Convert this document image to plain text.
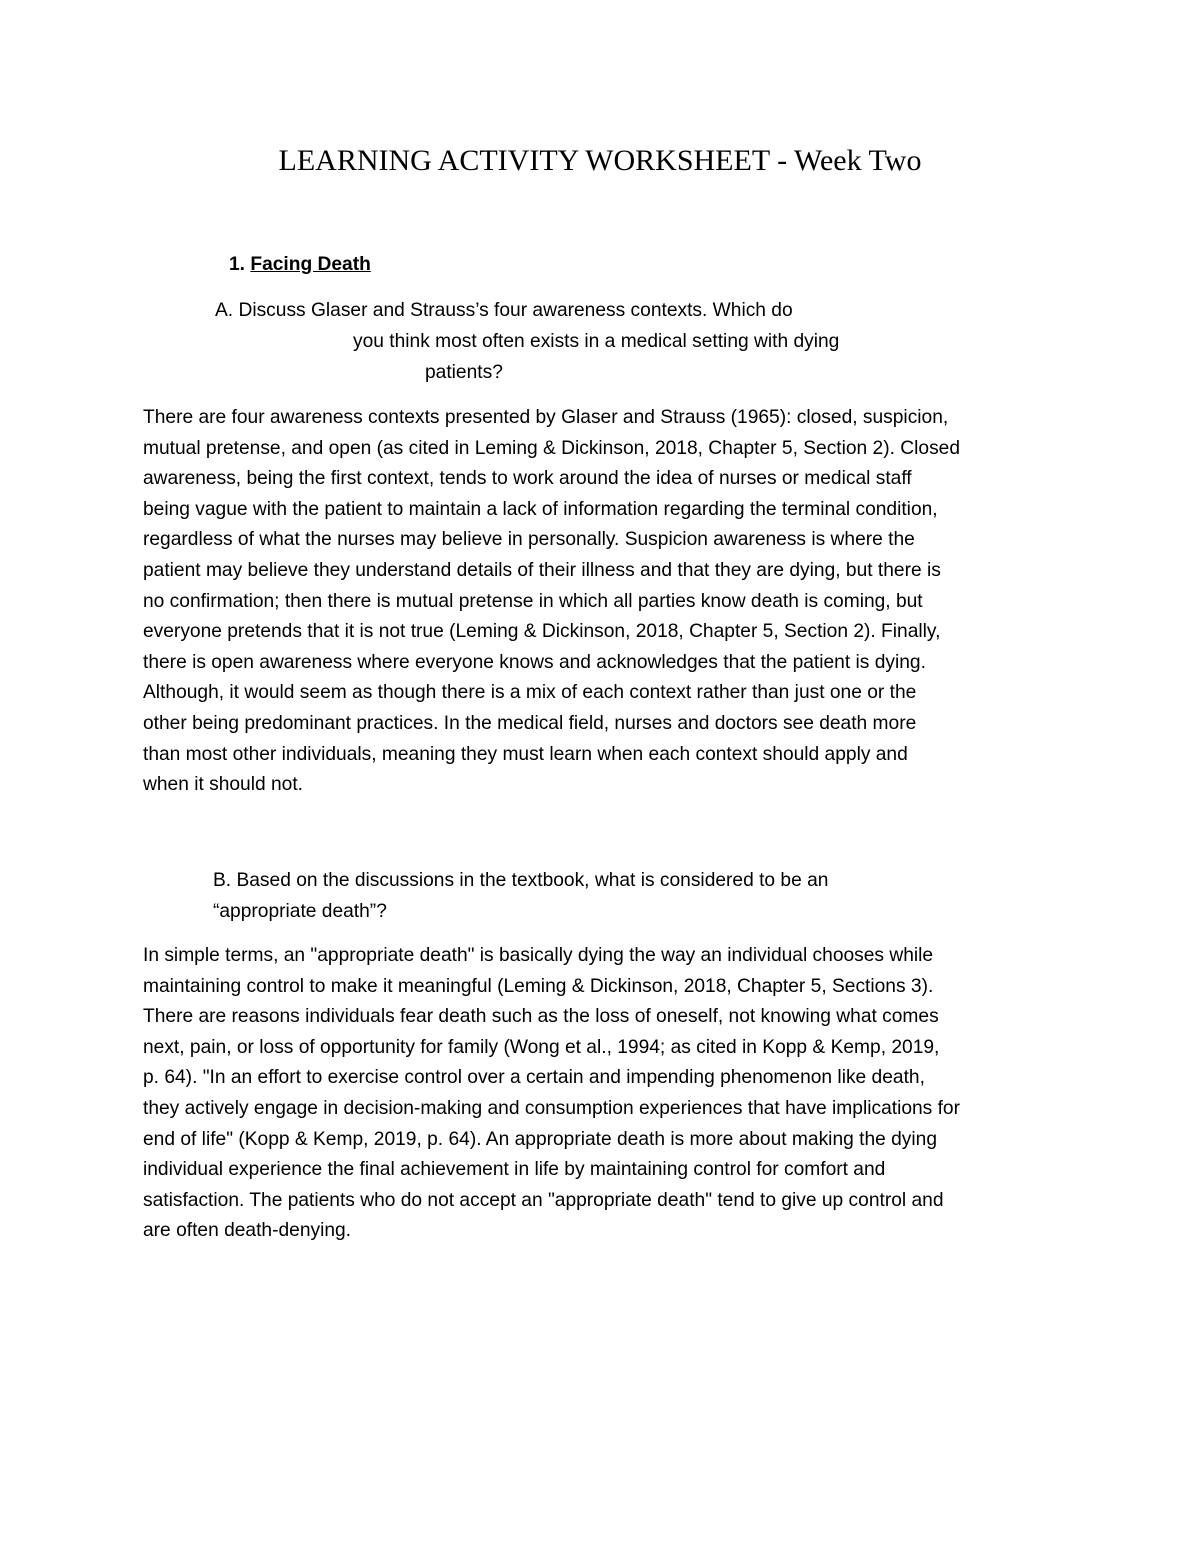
LEARNING ACTIVITY WORKSHEET - Week Two
1. Facing Death
A. Discuss Glaser and Strauss’s four awareness contexts. Which do
you think most often exists in a medical setting with dying
patients?
There are four awareness contexts presented by Glaser and Strauss (1965): closed, suspicion,
mutual pretense, and open (as cited in Leming & Dickinson, 2018, Chapter 5, Section 2). Closed
awareness, being the first context, tends to work around the idea of nurses or medical staff
being vague with the patient to maintain a lack of information regarding the terminal condition,
regardless of what the nurses may believe in personally. Suspicion awareness is where the
patient may believe they understand details of their illness and that they are dying, but there is
no confirmation; then there is mutual pretense in which all parties know death is coming, but
everyone pretends that it is not true (Leming & Dickinson, 2018, Chapter 5, Section 2). Finally,
there is open awareness where everyone knows and acknowledges that the patient is dying.
Although, it would seem as though there is a mix of each context rather than just one or the
other being predominant practices. In the medical field, nurses and doctors see death more
than most other individuals, meaning they must learn when each context should apply and
when it should not.
B. Based on the discussions in the textbook, what is considered to be an
“appropriate death”?
In simple terms, an "appropriate death" is basically dying the way an individual chooses while
maintaining control to make it meaningful (Leming & Dickinson, 2018, Chapter 5, Sections 3).
There are reasons individuals fear death such as the loss of oneself, not knowing what comes
next, pain, or loss of opportunity for family (Wong et al., 1994; as cited in Kopp & Kemp, 2019,
p. 64). "In an effort to exercise control over a certain and impending phenomenon like death,
they actively engage in decision-making and consumption experiences that have implications for
end of life" (Kopp & Kemp, 2019, p. 64). An appropriate death is more about making the dying
individual experience the final achievement in life by maintaining control for comfort and
satisfaction. The patients who do not accept an "appropriate death" tend to give up control and
are often death-denying.
